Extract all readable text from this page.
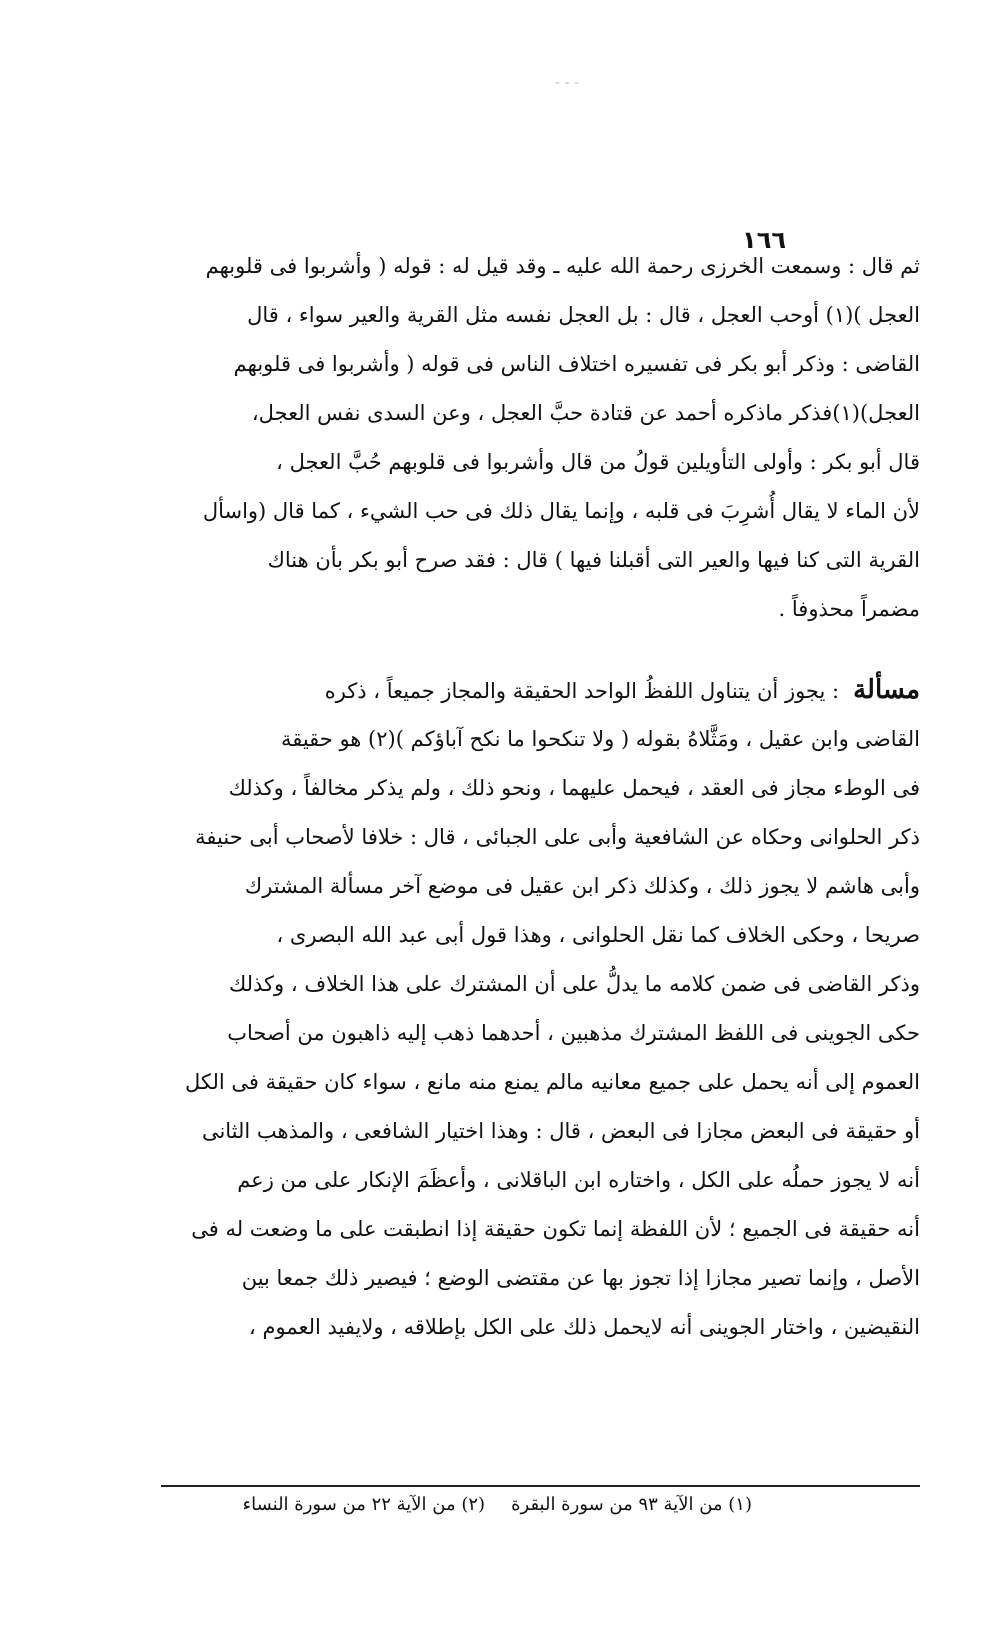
‐ ‐ ‐
١٦٦
ثم قال : وسمعت الخرزى رحمة الله عليه ـ وقد قيل له : قوله ( وأشربوا فى قلوبهم
العجل )(١) أوحب العجل ، قال : بل العجل نفسه مثل القرية والعير سواء ، قال
القاضى : وذكر أبو بكر فى تفسيره اختلاف الناس فى قوله ( وأشربوا فى قلوبهم
العجل)(١)فذكر ماذكره أحمد عن قتادة حبَّ العجل ، وعن السدى نفس العجل،
قال أبو بكر : وأولى التأويلين قولُ من قال وأشربوا فى قلوبهم حُبَّ العجل ،
لأن الماء لا يقال أُشرِبَ فى قلبه ، وإنما يقال ذلك فى حب الشيء ، كما قال (واسأل
القرية التى كنا فيها والعير التى أقبلنا فيها ) قال : فقد صرح أبو بكر بأن هناك
مضمراً محذوفاً .
مسألة: يجوز أن يتناول اللفظُ الواحد الحقيقة والمجاز جميعاً ، ذكره
القاضى وابن عقيل ، ومَثَّلاهُ بقوله ( ولا تنكحوا ما نكح آباؤكم )(٢) هو حقيقة
فى الوطء مجاز فى العقد ، فيحمل عليهما ، ونحو ذلك ، ولم يذكر مخالفاً ، وكذلك
ذكر الحلوانى وحكاه عن الشافعية وأبى على الجبائى ، قال : خلافا لأصحاب أبى حنيفة
وأبى هاشم لا يجوز ذلك ، وكذلك ذكر ابن عقيل فى موضع آخر مسألة المشترك
صريحا ، وحكى الخلاف كما نقل الحلوانى ، وهذا قول أبى عبد الله البصرى ،
وذكر القاضى فى ضمن كلامه ما يدلُّ على أن المشترك على هذا الخلاف ، وكذلك
حكى الجوينى فى اللفظ المشترك مذهبين ، أحدهما ذهب إليه ذاهبون من أصحاب
العموم إلى أنه يحمل على جميع معانيه مالم يمنع منه مانع ، سواء كان حقيقة فى الكل
أو حقيقة فى البعض مجازا فى البعض ، قال : وهذا اختيار الشافعى ، والمذهب الثانى
أنه لا يجوز حملُه على الكل ، واختاره ابن الباقلانى ، وأعظَمَ الإنكار على من زعم
أنه حقيقة فى الجميع ؛ لأن اللفظة إنما تكون حقيقة إذا انطبقت على ما وضعت له فى
الأصل ، وإنما تصير مجازا إذا تجوز بها عن مقتضى الوضع ؛ فيصير ذلك جمعا بين
النقيضين ، واختار الجوينى أنه لايحمل ذلك على الكل بإطلاقه ، ولايفيد العموم ،
(١) من الآية ٩٣ من سورة البقرة(٢) من الآية ٢٢ من سورة النساء
